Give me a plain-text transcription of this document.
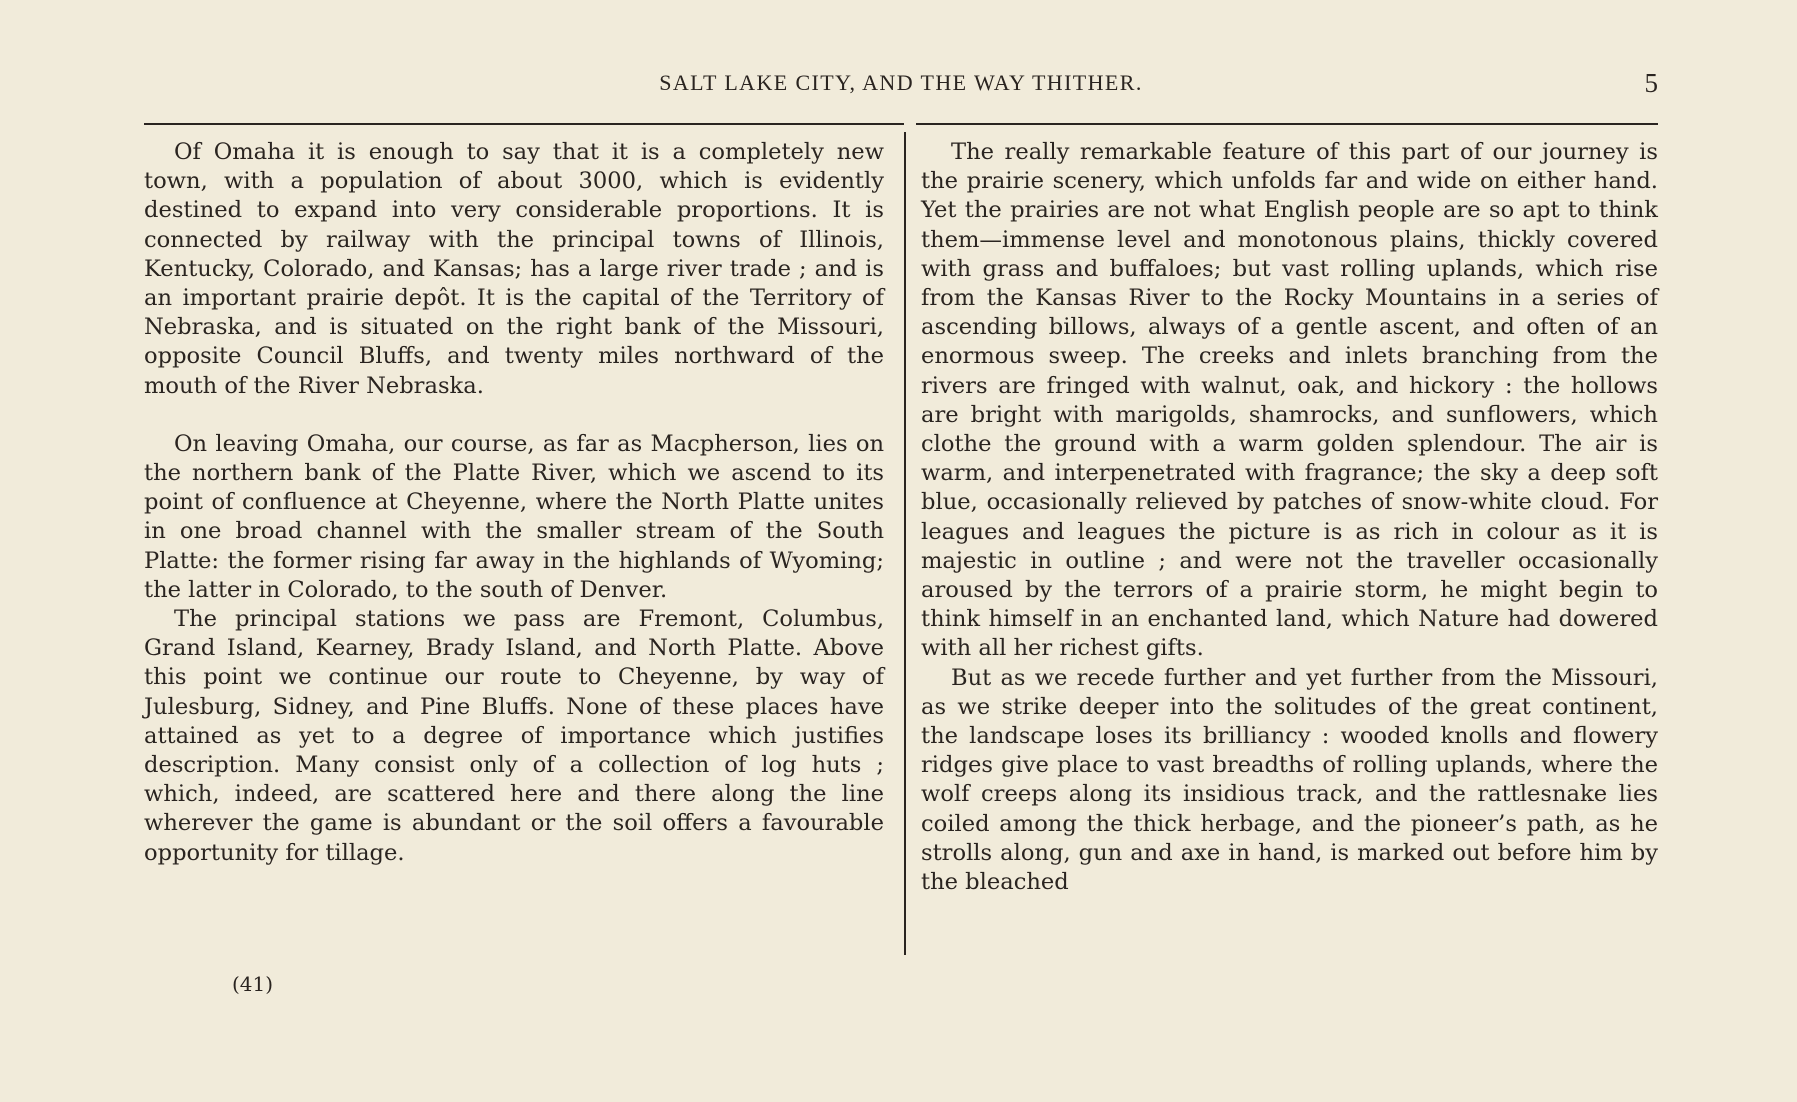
SALT LAKE CITY, AND THE WAY THITHER.	5

Of Omaha it is enough to say that it is a completely new town, with a population of about 3000, which is evidently destined to expand into very considerable proportions. It is connected by railway with the principal towns of Illinois, Kentucky, Colorado, and Kansas; has a large river trade ; and is an important prairie depôt. It is the capital of the Territory of Nebraska, and is situated on the right bank of the Missouri, opposite Council Bluffs, and twenty miles northward of the mouth of the River Nebraska.

On leaving Omaha, our course, as far as Macpherson, lies on the northern bank of the Platte River, which we ascend to its point of confluence at Cheyenne, where the North Platte unites in one broad channel with the smaller stream of the South Platte: the former rising far away in the highlands of Wyoming; the latter in Colorado, to the south of Denver.

The principal stations we pass are Fremont, Columbus, Grand Island, Kearney, Brady Island, and North Platte. Above this point we continue our route to Cheyenne, by way of Julesburg, Sidney, and Pine Bluffs. None of these places have attained as yet to a degree of importance which justifies description. Many consist only of a collection of log huts ; which, indeed, are scattered here and there along the line wherever the game is abundant or the soil offers a favourable opportunity for tillage.

The really remarkable feature of this part of our journey is the prairie scenery, which unfolds far and wide on either hand. Yet the prairies are not what English people are so apt to think them—immense level and monotonous plains, thickly covered with grass and buffaloes; but vast rolling uplands, which rise from the Kansas River to the Rocky Mountains in a series of ascending billows, always of a gentle ascent, and often of an enormous sweep. The creeks and inlets branching from the rivers are fringed with walnut, oak, and hickory : the hollows are bright with marigolds, shamrocks, and sunflowers, which clothe the ground with a warm golden splendour. The air is warm, and interpenetrated with fragrance; the sky a deep soft blue, occasionally relieved by patches of snow-white cloud. For leagues and leagues the picture is as rich in colour as it is majestic in outline ; and were not the traveller occasionally aroused by the terrors of a prairie storm, he might begin to think himself in an enchanted land, which Nature had dowered with all her richest gifts.

But as we recede further and yet further from the Missouri, as we strike deeper into the solitudes of the great continent, the landscape loses its brilliancy : wooded knolls and flowery ridges give place to vast breadths of rolling uplands, where the wolf creeps along its insidious track, and the rattlesnake lies coiled among the thick herbage, and the pioneer’s path, as he strolls along, gun and axe in hand, is marked out before him by the bleached

(41)
